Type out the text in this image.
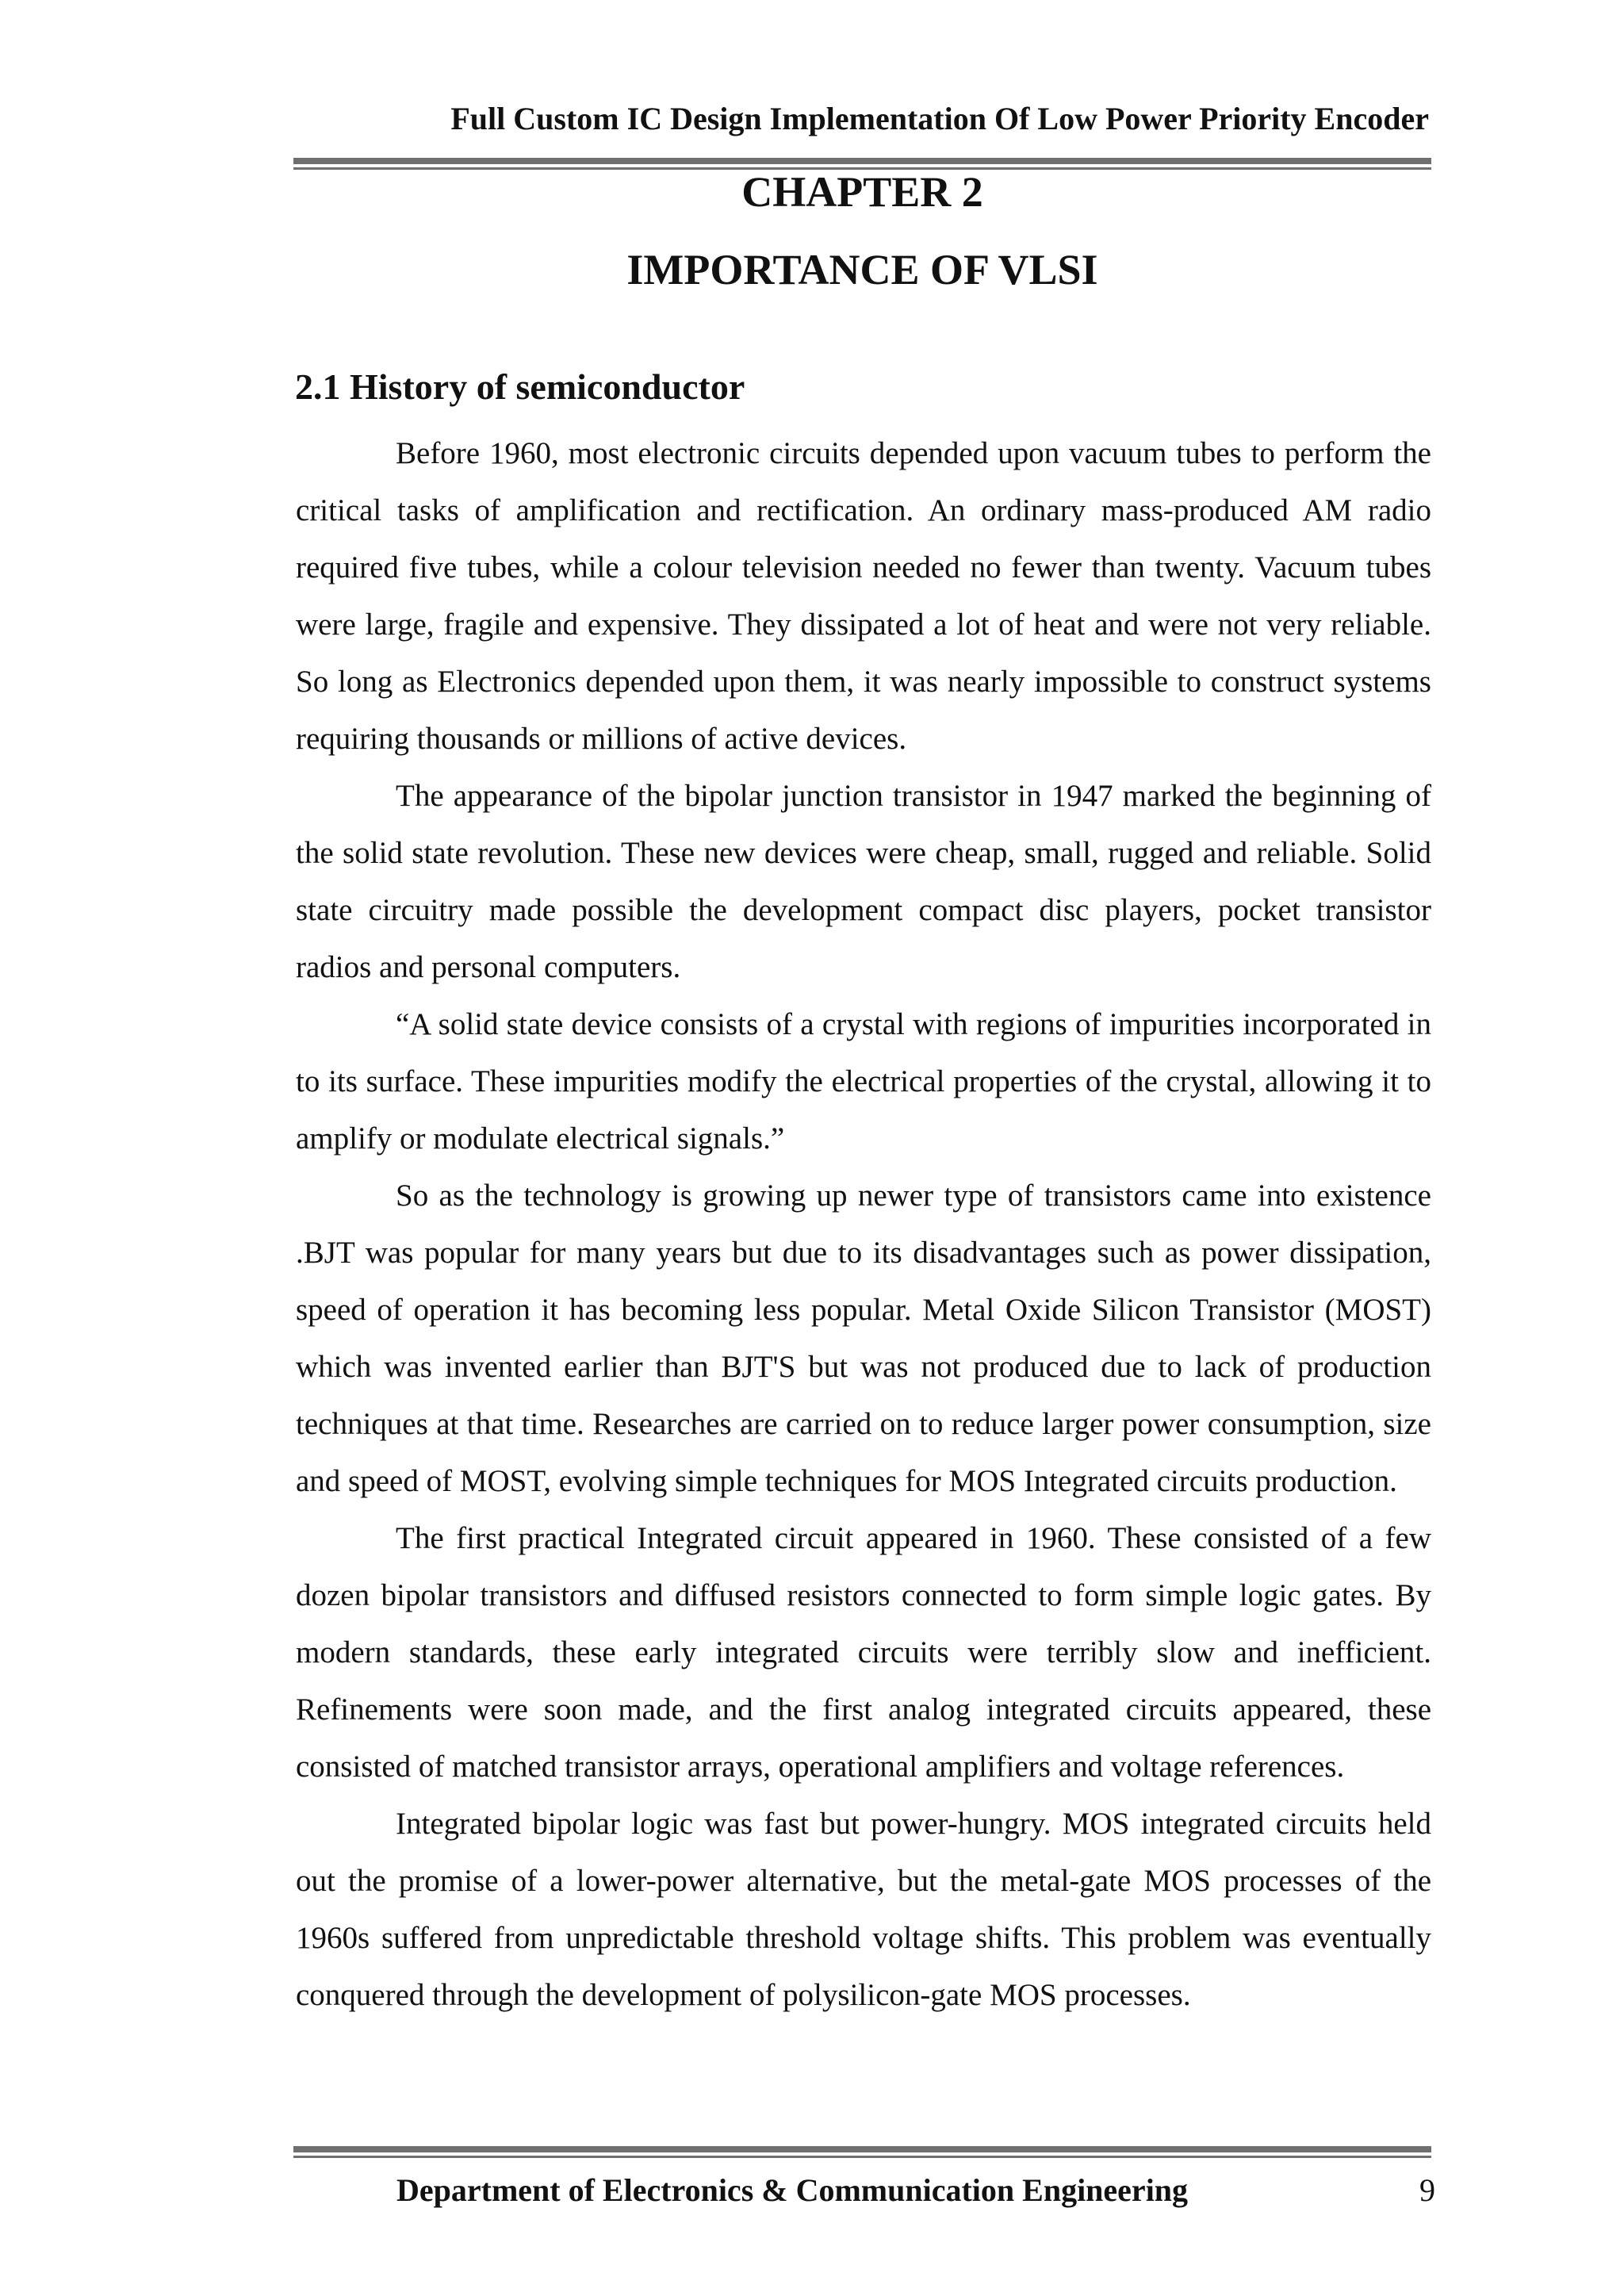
Full Custom IC Design Implementation Of Low Power Priority Encoder
CHAPTER 2
IMPORTANCE OF VLSI
2.1 History of semiconductor

Before 1960, most electronic circuits depended upon vacuum tubes to perform the critical tasks of amplification and rectification. An ordinary mass-produced AM radio required five tubes, while a colour television needed no fewer than twenty. Vacuum tubes were large, fragile and expensive. They dissipated a lot of heat and were not very reliable. So long as Electronics depended upon them, it was nearly impossible to construct systems requiring thousands or millions of active devices.

The appearance of the bipolar junction transistor in 1947 marked the beginning of the solid state revolution. These new devices were cheap, small, rugged and reliable. Solid state circuitry made possible the development compact disc players, pocket transistor radios and personal computers.

“A solid state device consists of a crystal with regions of impurities incorporated in to its surface. These impurities modify the electrical properties of the crystal, allowing it to amplify or modulate electrical signals.”

So as the technology is growing up newer type of transistors came into existence .BJT was popular for many years but due to its disadvantages such as power dissipation, speed of operation it has becoming less popular. Metal Oxide Silicon Transistor (MOST) which was invented earlier than BJT'S but was not produced due to lack of production techniques at that time. Researches are carried on to reduce larger power consumption, size and speed of MOST, evolving simple techniques for MOS Integrated circuits production.

The first practical Integrated circuit appeared in 1960. These consisted of a few dozen bipolar transistors and diffused resistors connected to form simple logic gates. By modern standards, these early integrated circuits were terribly slow and inefficient. Refinements were soon made, and the first analog integrated circuits appeared, these consisted of matched transistor arrays, operational amplifiers and voltage references.

Integrated bipolar logic was fast but power-hungry. MOS integrated circuits held out the promise of a lower-power alternative, but the metal-gate MOS processes of the 1960s suffered from unpredictable threshold voltage shifts. This problem was eventually conquered through the development of polysilicon-gate MOS processes.

Department of Electronics & Communication Engineering	9
